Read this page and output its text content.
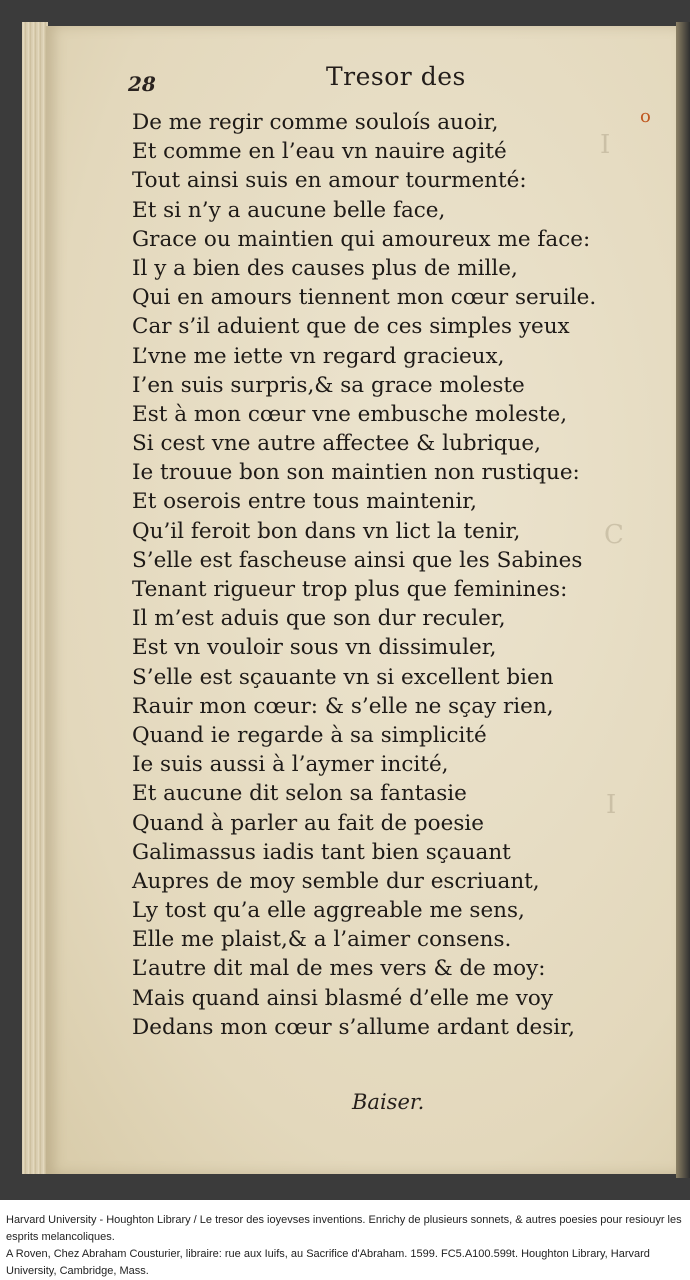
I
C
I
28	Tresor des
o
De me regir comme souloís auoir,
Et comme en l’eau vn nauire agité
Tout ainsi suis en amour tourmenté:
Et si n’y a aucune belle face,
Grace ou maintien qui amoureux me face:
Il y a bien des causes plus de mille,
Qui en amours tiennent mon cœur seruile.
Car s’il aduient que de ces simples yeux
L’vne me iette vn regard gracieux,
I’en suis surpris,& sa grace moleste
Est à mon cœur vne embusche moleste,
Si cest vne autre affectee & lubrique,
Ie trouue bon son maintien non rustique:
Et oserois entre tous maintenir,
Qu’il feroit bon dans vn lict la tenir,
S’elle est fascheuse ainsi que les Sabines
Tenant rigueur trop plus que feminines:
Il m’est aduis que son dur reculer,
Est vn vouloir sous vn dissimuler,
S’elle est sçauante vn si excellent bien
Rauir mon cœur: & s’elle ne sçay rien,
Quand ie regarde à sa simplicité
Ie suis aussi à l’aymer incité,
Et aucune dit selon sa fantasie
Quand à parler au fait de poesie
Galimassus iadis tant bien sçauant
Aupres de moy semble dur escriuant,
Ly tost qu’a elle aggreable me sens,
Elle me plaist,& a l’aimer consens.
L’autre dit mal de mes vers & de moy:
Mais quand ainsi blasmé d’elle me voy
Dedans mon cœur s’allume ardant desir,
Baiser.
Harvard University - Houghton Library / Le tresor des ioyevses inventions. Enrichy de plusieurs sonnets, & autres poesies pour resiouyr les esprits melancoliques.
A Roven, Chez Abraham Cousturier, libraire: rue aux Iuifs, au Sacrifice d'Abraham. 1599. FC5.A100.599t. Houghton Library, Harvard University, Cambridge, Mass.
